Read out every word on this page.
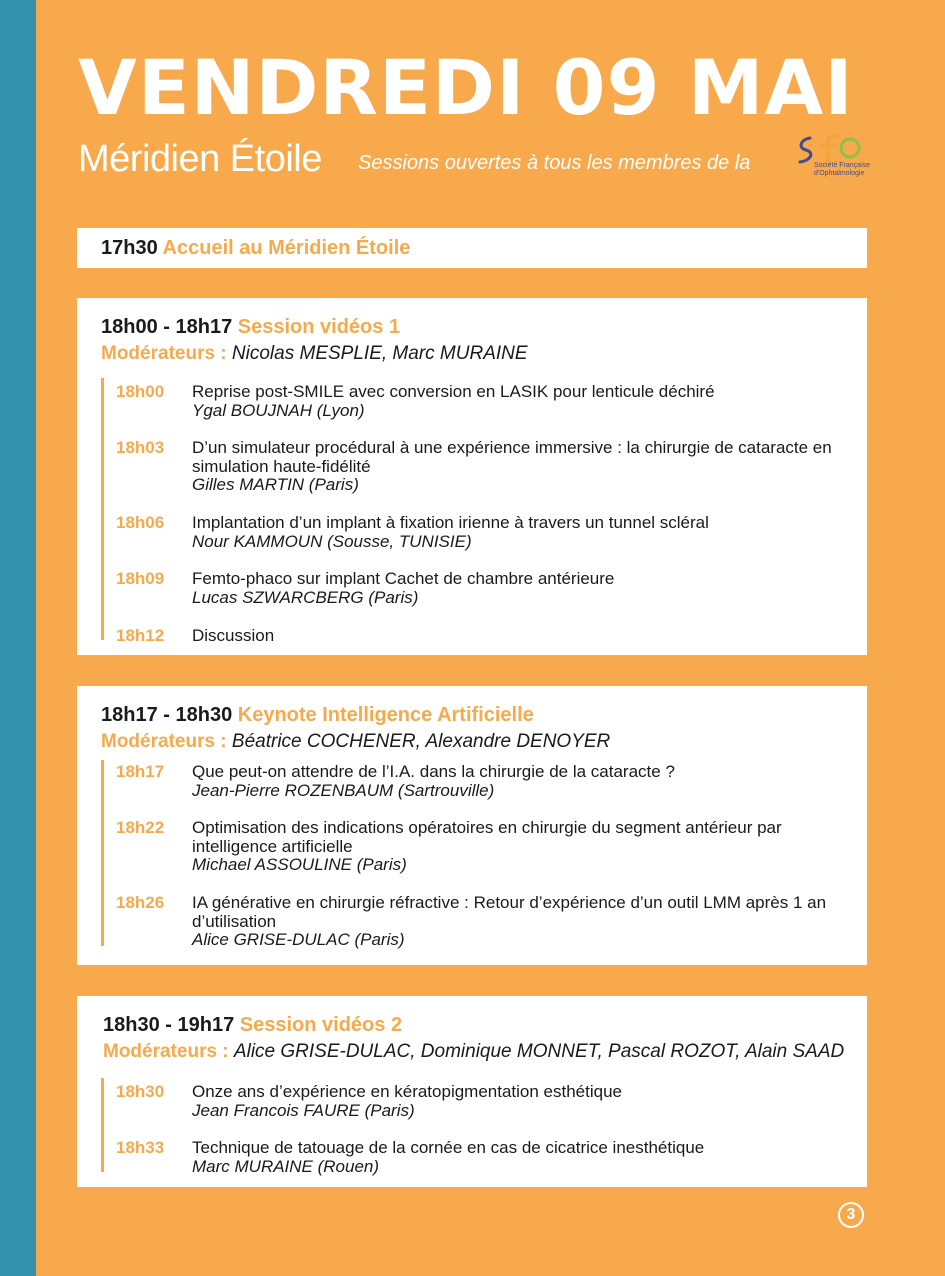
VENDREDI 09 MAI
Méridien Étoile Sessions ouvertes à tous les membres de la	Société Française
d'Ophtalmologie
17h30 Accueil au Méridien Étoile
18h00 - 18h17 Session vidéos 1
Modérateurs : Nicolas MESPLIE, Marc MURAINE
18h00 Reprise post-SMILE avec conversion en LASIK pour lenticule déchiré
Ygal BOUJNAH (Lyon)
18h03 D’un simulateur procédural à une expérience immersive : la chirurgie de cataracte en simulation haute-fidélité
Gilles MARTIN (Paris)
18h06 Implantation d’un implant à fixation irienne à travers un tunnel scléral
Nour KAMMOUN (Sousse, TUNISIE)
18h09 Femto-phaco sur implant Cachet de chambre antérieure
Lucas SZWARCBERG (Paris)
18h12 Discussion
18h17 - 18h30 Keynote Intelligence Artificielle
Modérateurs : Béatrice COCHENER, Alexandre DENOYER
18h17 Que peut-on attendre de l’I.A. dans la chirurgie de la cataracte ?
Jean-Pierre ROZENBAUM (Sartrouville)
18h22 Optimisation des indications opératoires en chirurgie du segment antérieur par intelligence artificielle
Michael ASSOULINE (Paris)
18h26 IA générative en chirurgie réfractive : Retour d’expérience d’un outil LMM après 1 an d’utilisation
Alice GRISE-DULAC (Paris)
18h30 - 19h17 Session vidéos 2
Modérateurs : Alice GRISE-DULAC, Dominique MONNET, Pascal ROZOT, Alain SAAD
18h30 Onze ans d’expérience en kératopigmentation esthétique
Jean Francois FAURE (Paris)
18h33 Technique de tatouage de la cornée en cas de cicatrice inesthétique
Marc MURAINE (Rouen)
3
